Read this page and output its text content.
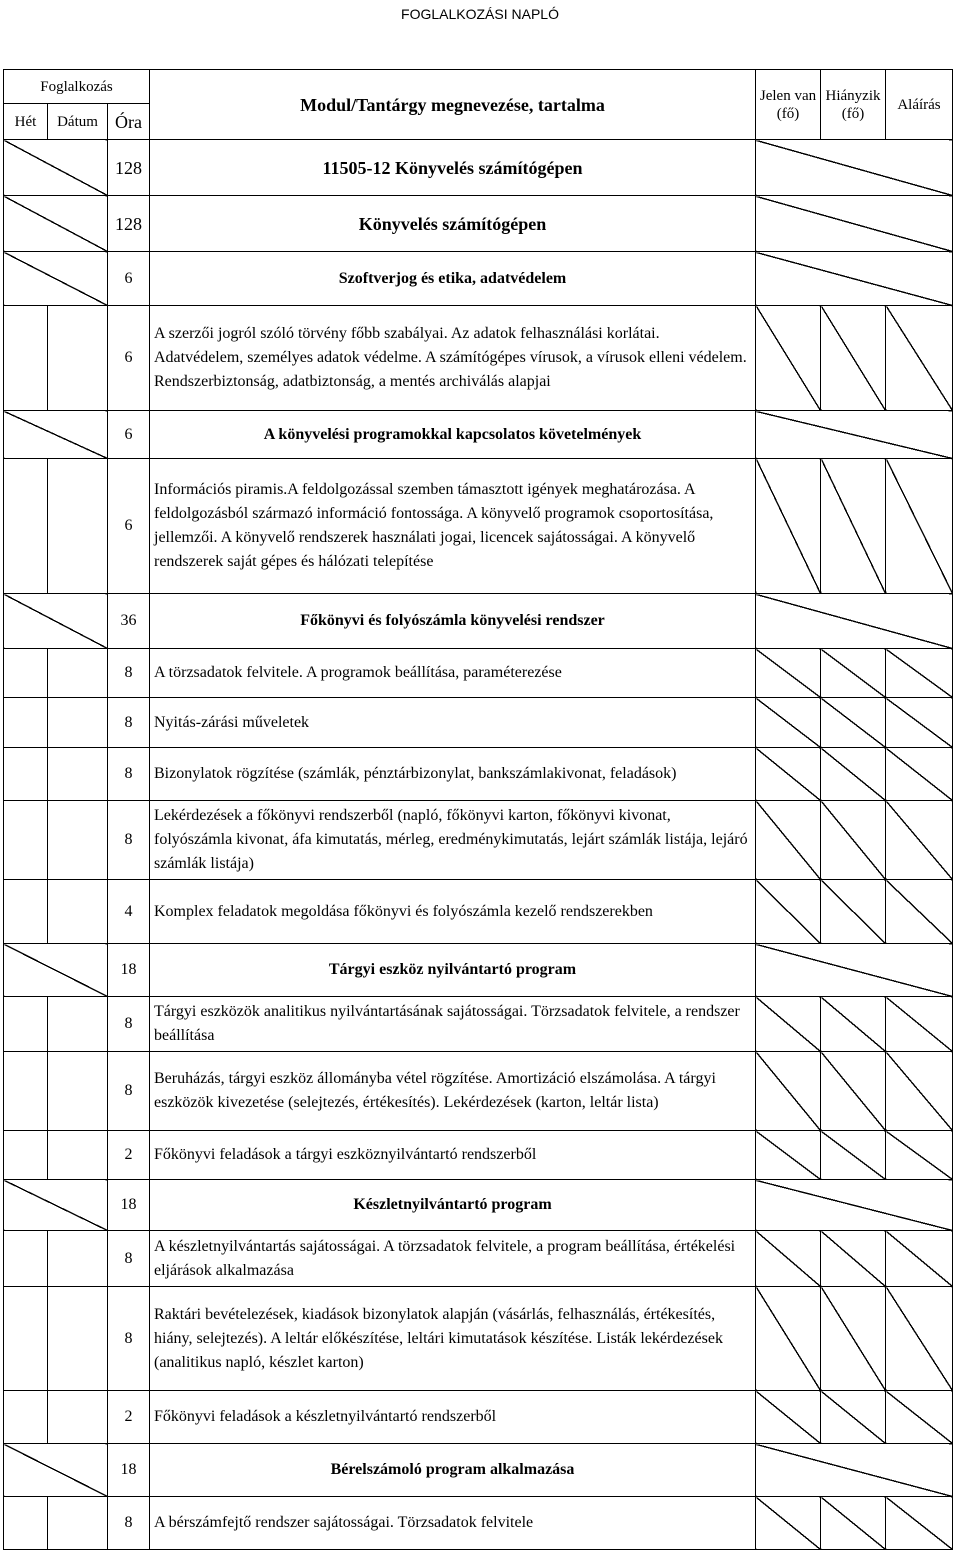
FOGLALKOZÁSI NAPLÓ
Foglalkozás			Modul/Tantárgy megnevezése, tartalma	Jelen van (fő)	Hiányzik (fő)	Aláírás
Hét	Dátum	Óra				
		128	11505-12 Könyvelés számítógépen			
		128	Könyvelés számítógépen			
		6	Szoftverjog és etika, adatvédelem			
		6	A szerzői jogról szóló törvény főbb szabályai. Az adatok felhasználási korlátai. Adatvédelem, személyes adatok védelme. A számítógépes vírusok, a vírusok elleni védelem. Rendszerbiztonság, adatbiztonság, a mentés archiválás alapjai			
		6	A könyvelési programokkal kapcsolatos követelmények			
		6	Információs piramis.A feldolgozással szemben támasztott igények meghatározása. A feldolgozásból származó információ fontossága. A könyvelő programok csoportosítása, jellemzői. A könyvelő rendszerek használati jogai, licencek sajátosságai. A könyvelő rendszerek saját gépes és hálózati telepítése			
		36	Főkönyvi és folyószámla könyvelési rendszer			
		8	A törzsadatok felvitele. A programok beállítása, paraméterezése			
		8	Nyitás-zárási műveletek			
		8	Bizonylatok rögzítése (számlák, pénztárbizonylat, bankszámlakivonat, feladások)			
		8	Lekérdezések a főkönyvi rendszerből (napló, főkönyvi karton, főkönyvi kivonat, folyószámla kivonat, áfa kimutatás, mérleg, eredménykimutatás, lejárt számlák listája, lejáró számlák listája)			
		4	Komplex feladatok megoldása főkönyvi és folyószámla kezelő rendszerekben			
		18	Tárgyi eszköz nyilvántartó program			
		8	Tárgyi eszközök analitikus nyilvántartásának sajátosságai. Törzsadatok felvitele, a rendszer beállítása			
		8	Beruházás, tárgyi eszköz állományba vétel rögzítése. Amortizáció elszámolása. A tárgyi eszközök kivezetése (selejtezés, értékesítés). Lekérdezések (karton, leltár lista)			
		2	Főkönyvi feladások a tárgyi eszköznyilvántartó rendszerből			
		18	Készletnyilvántartó program			
		8	A készletnyilvántartás sajátosságai. A törzsadatok felvitele, a program beállítása, értékelési eljárások alkalmazása			
		8	Raktári bevételezések, kiadások bizonylatok alapján (vásárlás, felhasználás, értékesítés, hiány, selejtezés). A leltár előkészítése, leltári kimutatások készítése. Listák lekérdezések (analitikus napló, készlet karton)			
		2	Főkönyvi feladások a készletnyilvántartó rendszerből			
		18	Bérelszámoló program alkalmazása			
		8	A bérszámfejtő rendszer sajátosságai. Törzsadatok felvitele			
